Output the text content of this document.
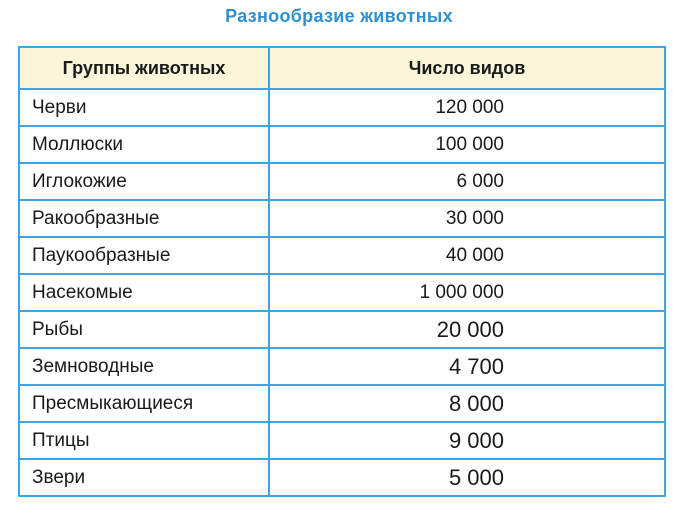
Разнообразие животных
Группы животных	Число видов
Черви	120 000
Моллюски	100 000
Иглокожие	6 000
Ракообразные	30 000
Паукообразные	40 000
Насекомые	1 000 000
Рыбы	20 000
Земноводные	4 700
Пресмыкающиеся	8 000
Птицы	9 000
Звери	5 000
